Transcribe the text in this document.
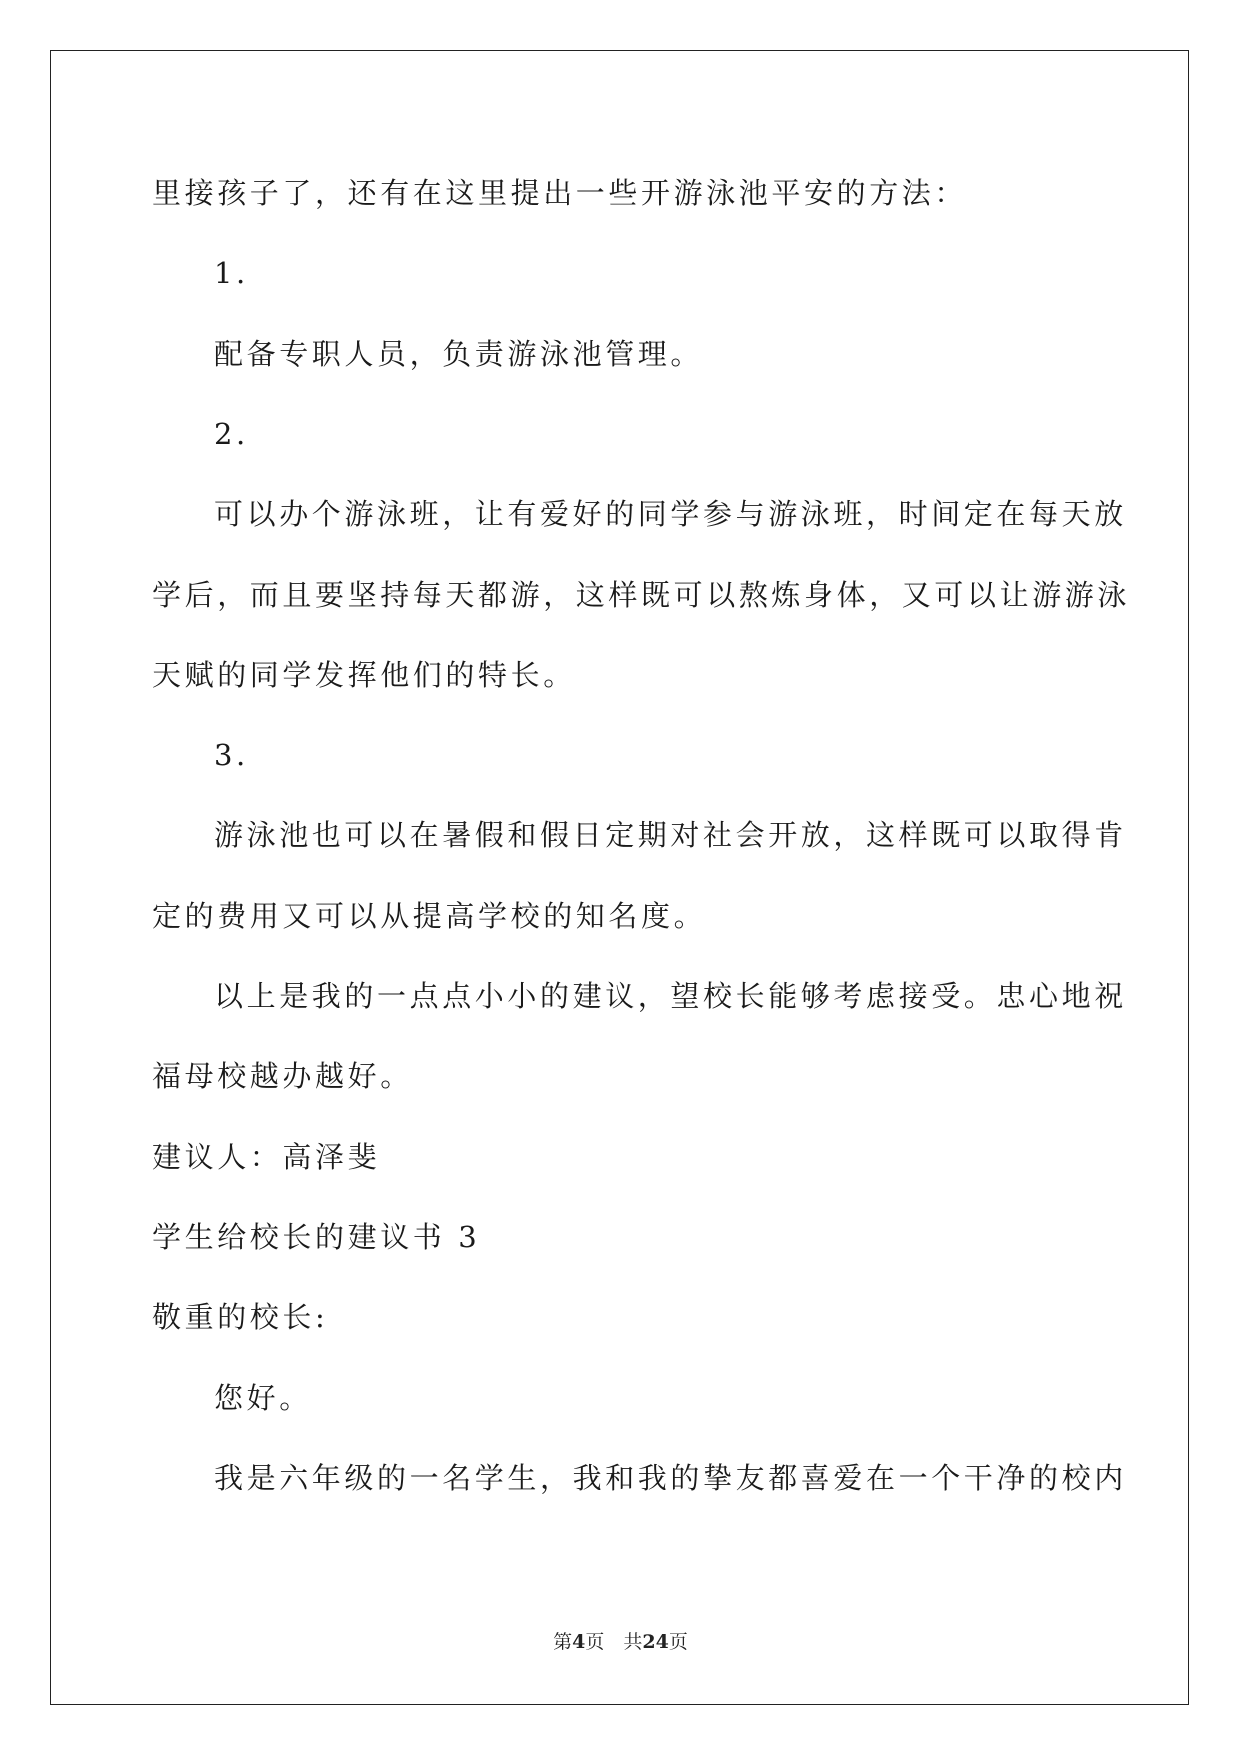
里接孩子了，还有在这里提出一些开游泳池平安的方法：
1.
配备专职人员，负责游泳池管理。
2.
可以办个游泳班，让有爱好的同学参与游泳班，时间定在每天放
学后，而且要坚持每天都游，这样既可以熬炼身体，又可以让游游泳
天赋的同学发挥他们的特长。
3.
游泳池也可以在暑假和假日定期对社会开放，这样既可以取得肯
定的费用又可以从提高学校的知名度。
以上是我的一点点小小的建议，望校长能够考虑接受。忠心地祝
福母校越办越好。
建议人：高泽斐
学生给校长的建议书 3
敬重的校长:
您好。
我是六年级的一名学生，我和我的挚友都喜爱在一个干净的校内
第4页　共24页
